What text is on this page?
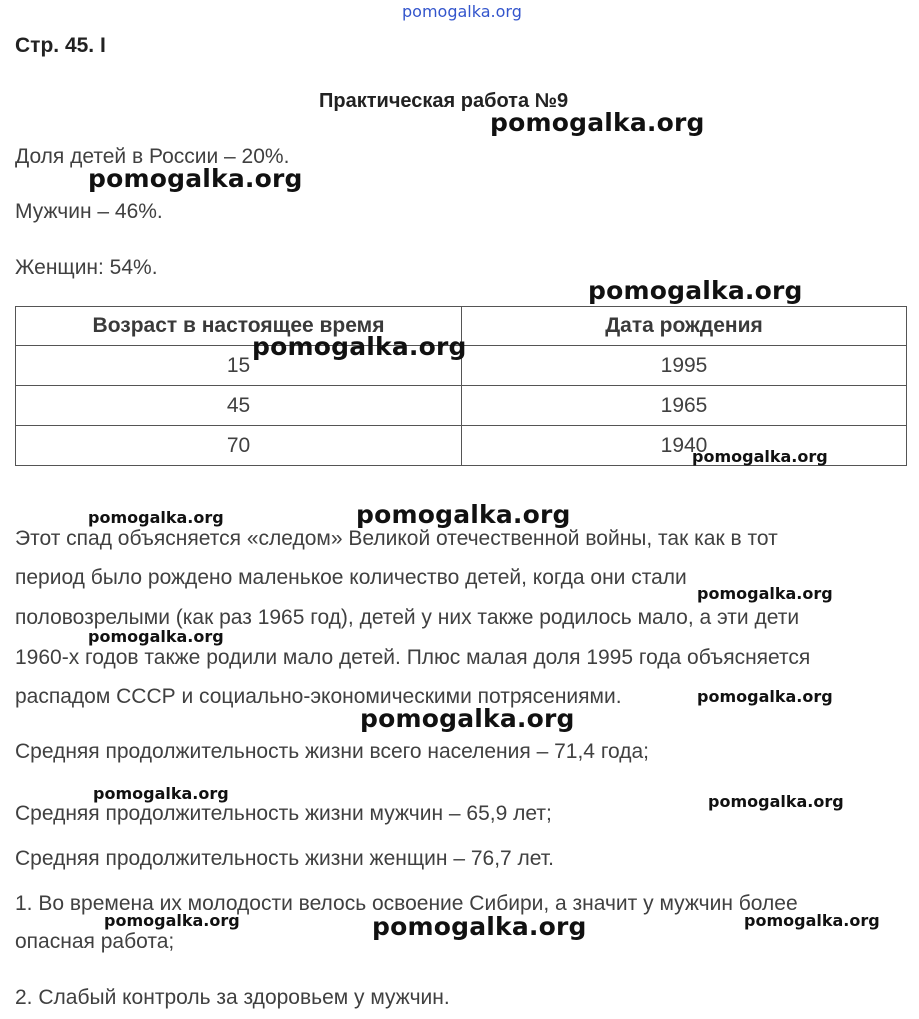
pomogalka.org
Стр. 45. I
Практическая работа №9
Доля детей в России – 20%.
Мужчин – 46%.
Женщин: 54%.
Возраст в настоящее время	Дата рождения
15	1995
45	1965
70	1940
Этот спад объясняется «следом» Великой отечественной войны, так как в тот
период было рождено маленькое количество детей, когда они стали
половозрелыми (как раз 1965 год), детей у них также родилось мало, а эти дети
1960-х годов также родили мало детей. Плюс малая доля 1995 года объясняется
распадом СССР и социально-экономическими потрясениями.
Средняя продолжительность жизни всего населения – 71,4 года;
Средняя продолжительность жизни мужчин – 65,9 лет;
Средняя продолжительность жизни женщин – 76,7 лет.
1. Во времена их молодости велось освоение Сибири, а значит у мужчин более
опасная работа;
2. Слабый контроль за здоровьем у мужчин.
pomogalka.org
pomogalka.org
pomogalka.org
pomogalka.org
pomogalka.org
pomogalka.org	pomogalka.org
pomogalka.org
pomogalka.org
pomogalka.org
pomogalka.org
pomogalka.org	pomogalka.org
pomogalka.org	pomogalka.org	pomogalka.org
